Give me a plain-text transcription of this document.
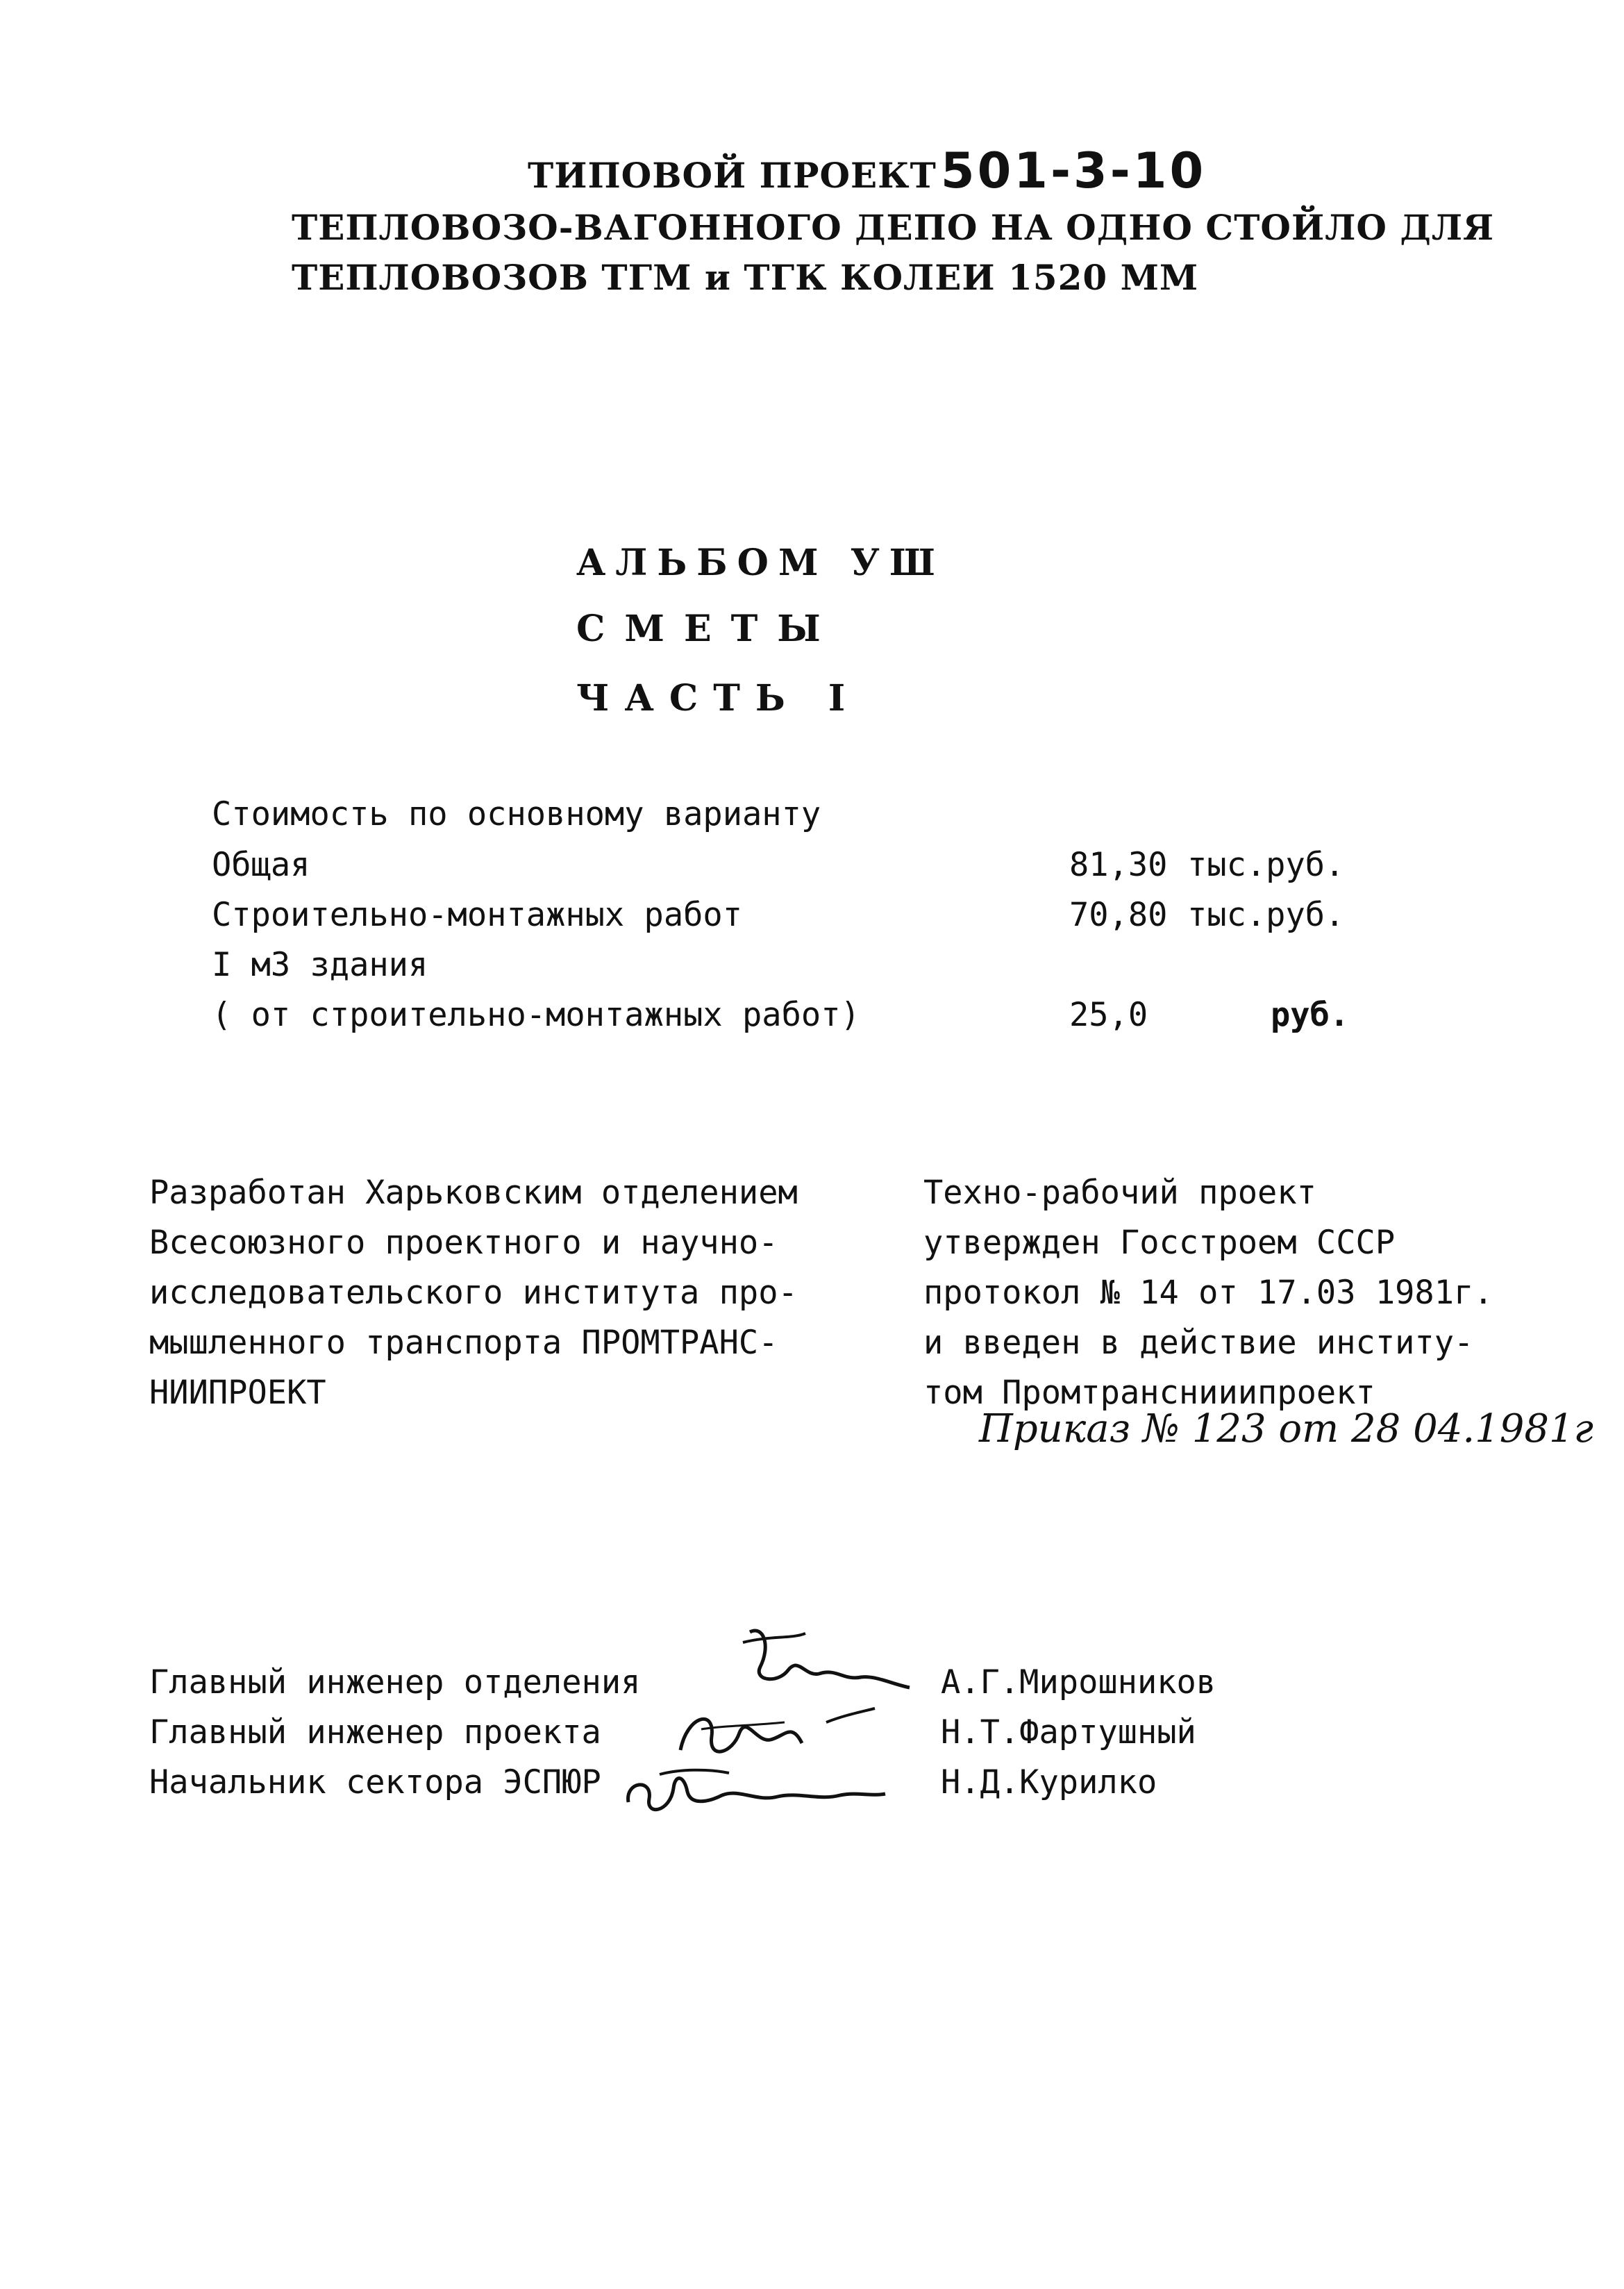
ТИПОВОЙ ПРОЕКТ501-3-10
ТЕПЛОВОЗО-ВАГОННОГО ДЕПО НА ОДНО СТОЙЛО ДЛЯ
ТЕПЛОВОЗОВ ТГМ и ТГК КОЛЕИ 1520 ММ
АЛЬБОМ УШ
СМЕТЫ
ЧАСТЬ I
Стоимость по основному варианту
Общая	81,30 тыс.руб.
Строительно-монтажных работ	70,80 тыс.руб.
I м3 здания
( от строительно-монтажных работ)	25,0	руб.
Разработан Харьковским отделением
Всесоюзного проектного и научно-
исследовательского института про-
мышленного транспорта ПРОМТРАНС-
НИИПРОЕКТ
Техно-рабочий проект
утвержден Госстроем СССР
протокол № 14 от 17.03 1981г.
и введен в действие институ-
том Промтранснииипроект
Приказ № 123 от 28 04.1981г
Главный инженер отделения	А.Г.Мирошников
Главный инженер проекта	Н.Т.Фартушный
Начальник сектора ЭСПЮР	Н.Д.Курилко
